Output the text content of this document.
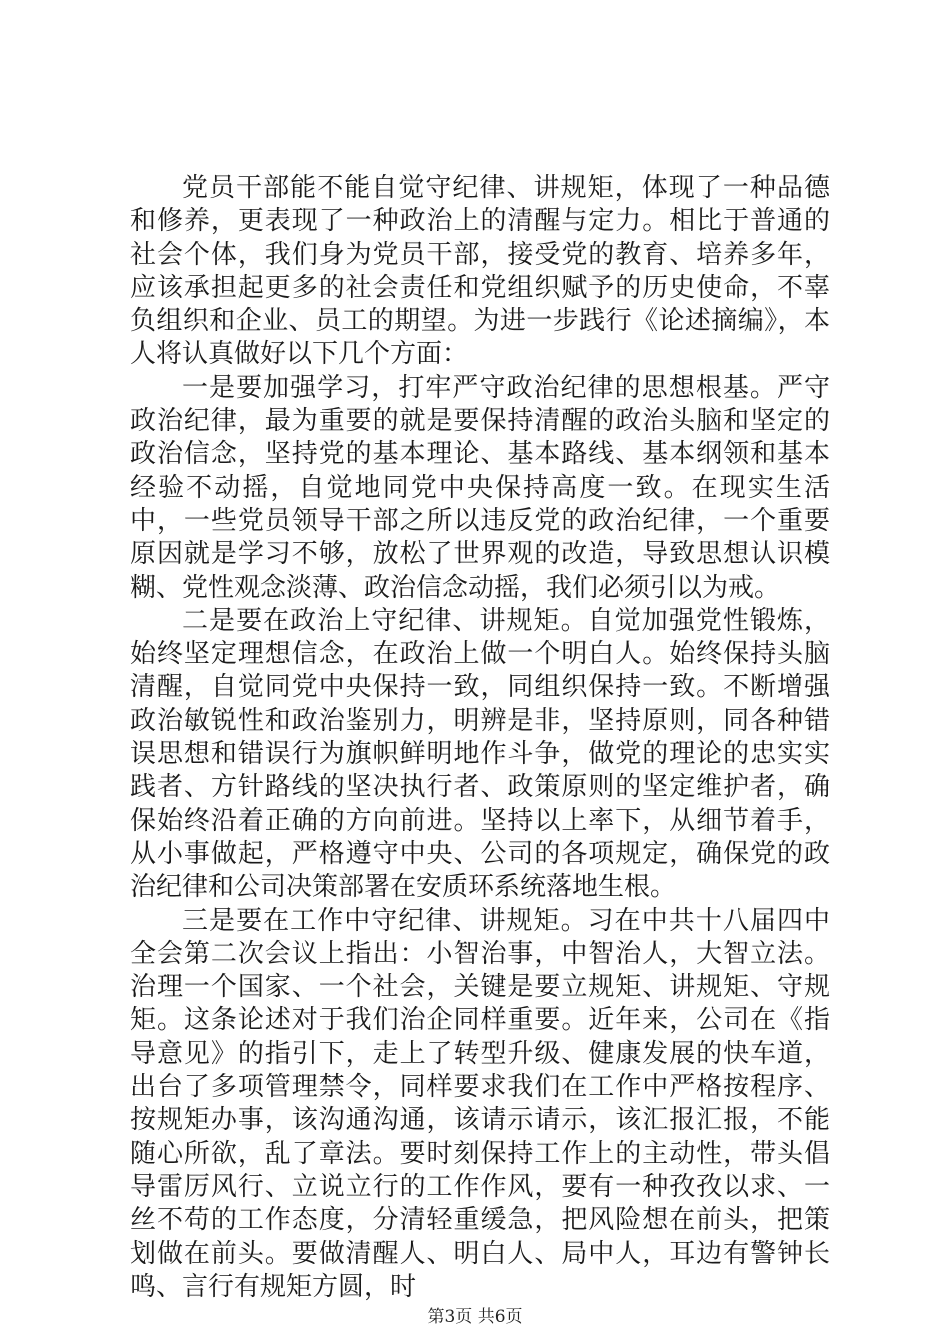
党员干部能不能自觉守纪律、讲规矩，体现了一种品德和修养，更表现了一种政治上的清醒与定力。相比于普通的社会个体，我们身为党员干部，接受党的教育、培养多年，应该承担起更多的社会责任和党组织赋予的历史使命，不辜负组织和企业、员工的期望。为进一步践行《论述摘编》，本人将认真做好以下几个方面：

一是要加强学习，打牢严守政治纪律的思想根基。严守政治纪律，最为重要的就是要保持清醒的政治头脑和坚定的政治信念，坚持党的基本理论、基本路线、基本纲领和基本经验不动摇，自觉地同党中央保持高度一致。在现实生活中，一些党员领导干部之所以违反党的政治纪律，一个重要原因就是学习不够，放松了世界观的改造，导致思想认识模糊、党性观念淡薄、政治信念动摇，我们必须引以为戒。

二是要在政治上守纪律、讲规矩。自觉加强党性锻炼，始终坚定理想信念，在政治上做一个明白人。始终保持头脑清醒，自觉同党中央保持一致，同组织保持一致。不断增强政治敏锐性和政治鉴别力，明辨是非，坚持原则，同各种错误思想和错误行为旗帜鲜明地作斗争，做党的理论的忠实实践者、方针路线的坚决执行者、政策原则的坚定维护者，确保始终沿着正确的方向前进。坚持以上率下，从细节着手，从小事做起，严格遵守中央、公司的各项规定，确保党的政治纪律和公司决策部署在安质环系统落地生根。

三是要在工作中守纪律、讲规矩。习在中共十八届四中全会第二次会议上指出：小智治事，中智治人，大智立法。治理一个国家、一个社会，关键是要立规矩、讲规矩、守规矩。这条论述对于我们治企同样重要。近年来，公司在《指导意见》的指引下，走上了转型升级、健康发展的快车道，出台了多项管理禁令，同样要求我们在工作中严格按程序、按规矩办事，该沟通沟通，该请示请示，该汇报汇报，不能随心所欲，乱了章法。要时刻保持工作上的主动性，带头倡导雷厉风行、立说立行的工作作风，要有一种孜孜以求、一丝不苟的工作态度，分清轻重缓急，把风险想在前头，把策划做在前头。要做清醒人、明白人、局中人，耳边有警钟长鸣、言行有规矩方圆，时

第3页 共6页
